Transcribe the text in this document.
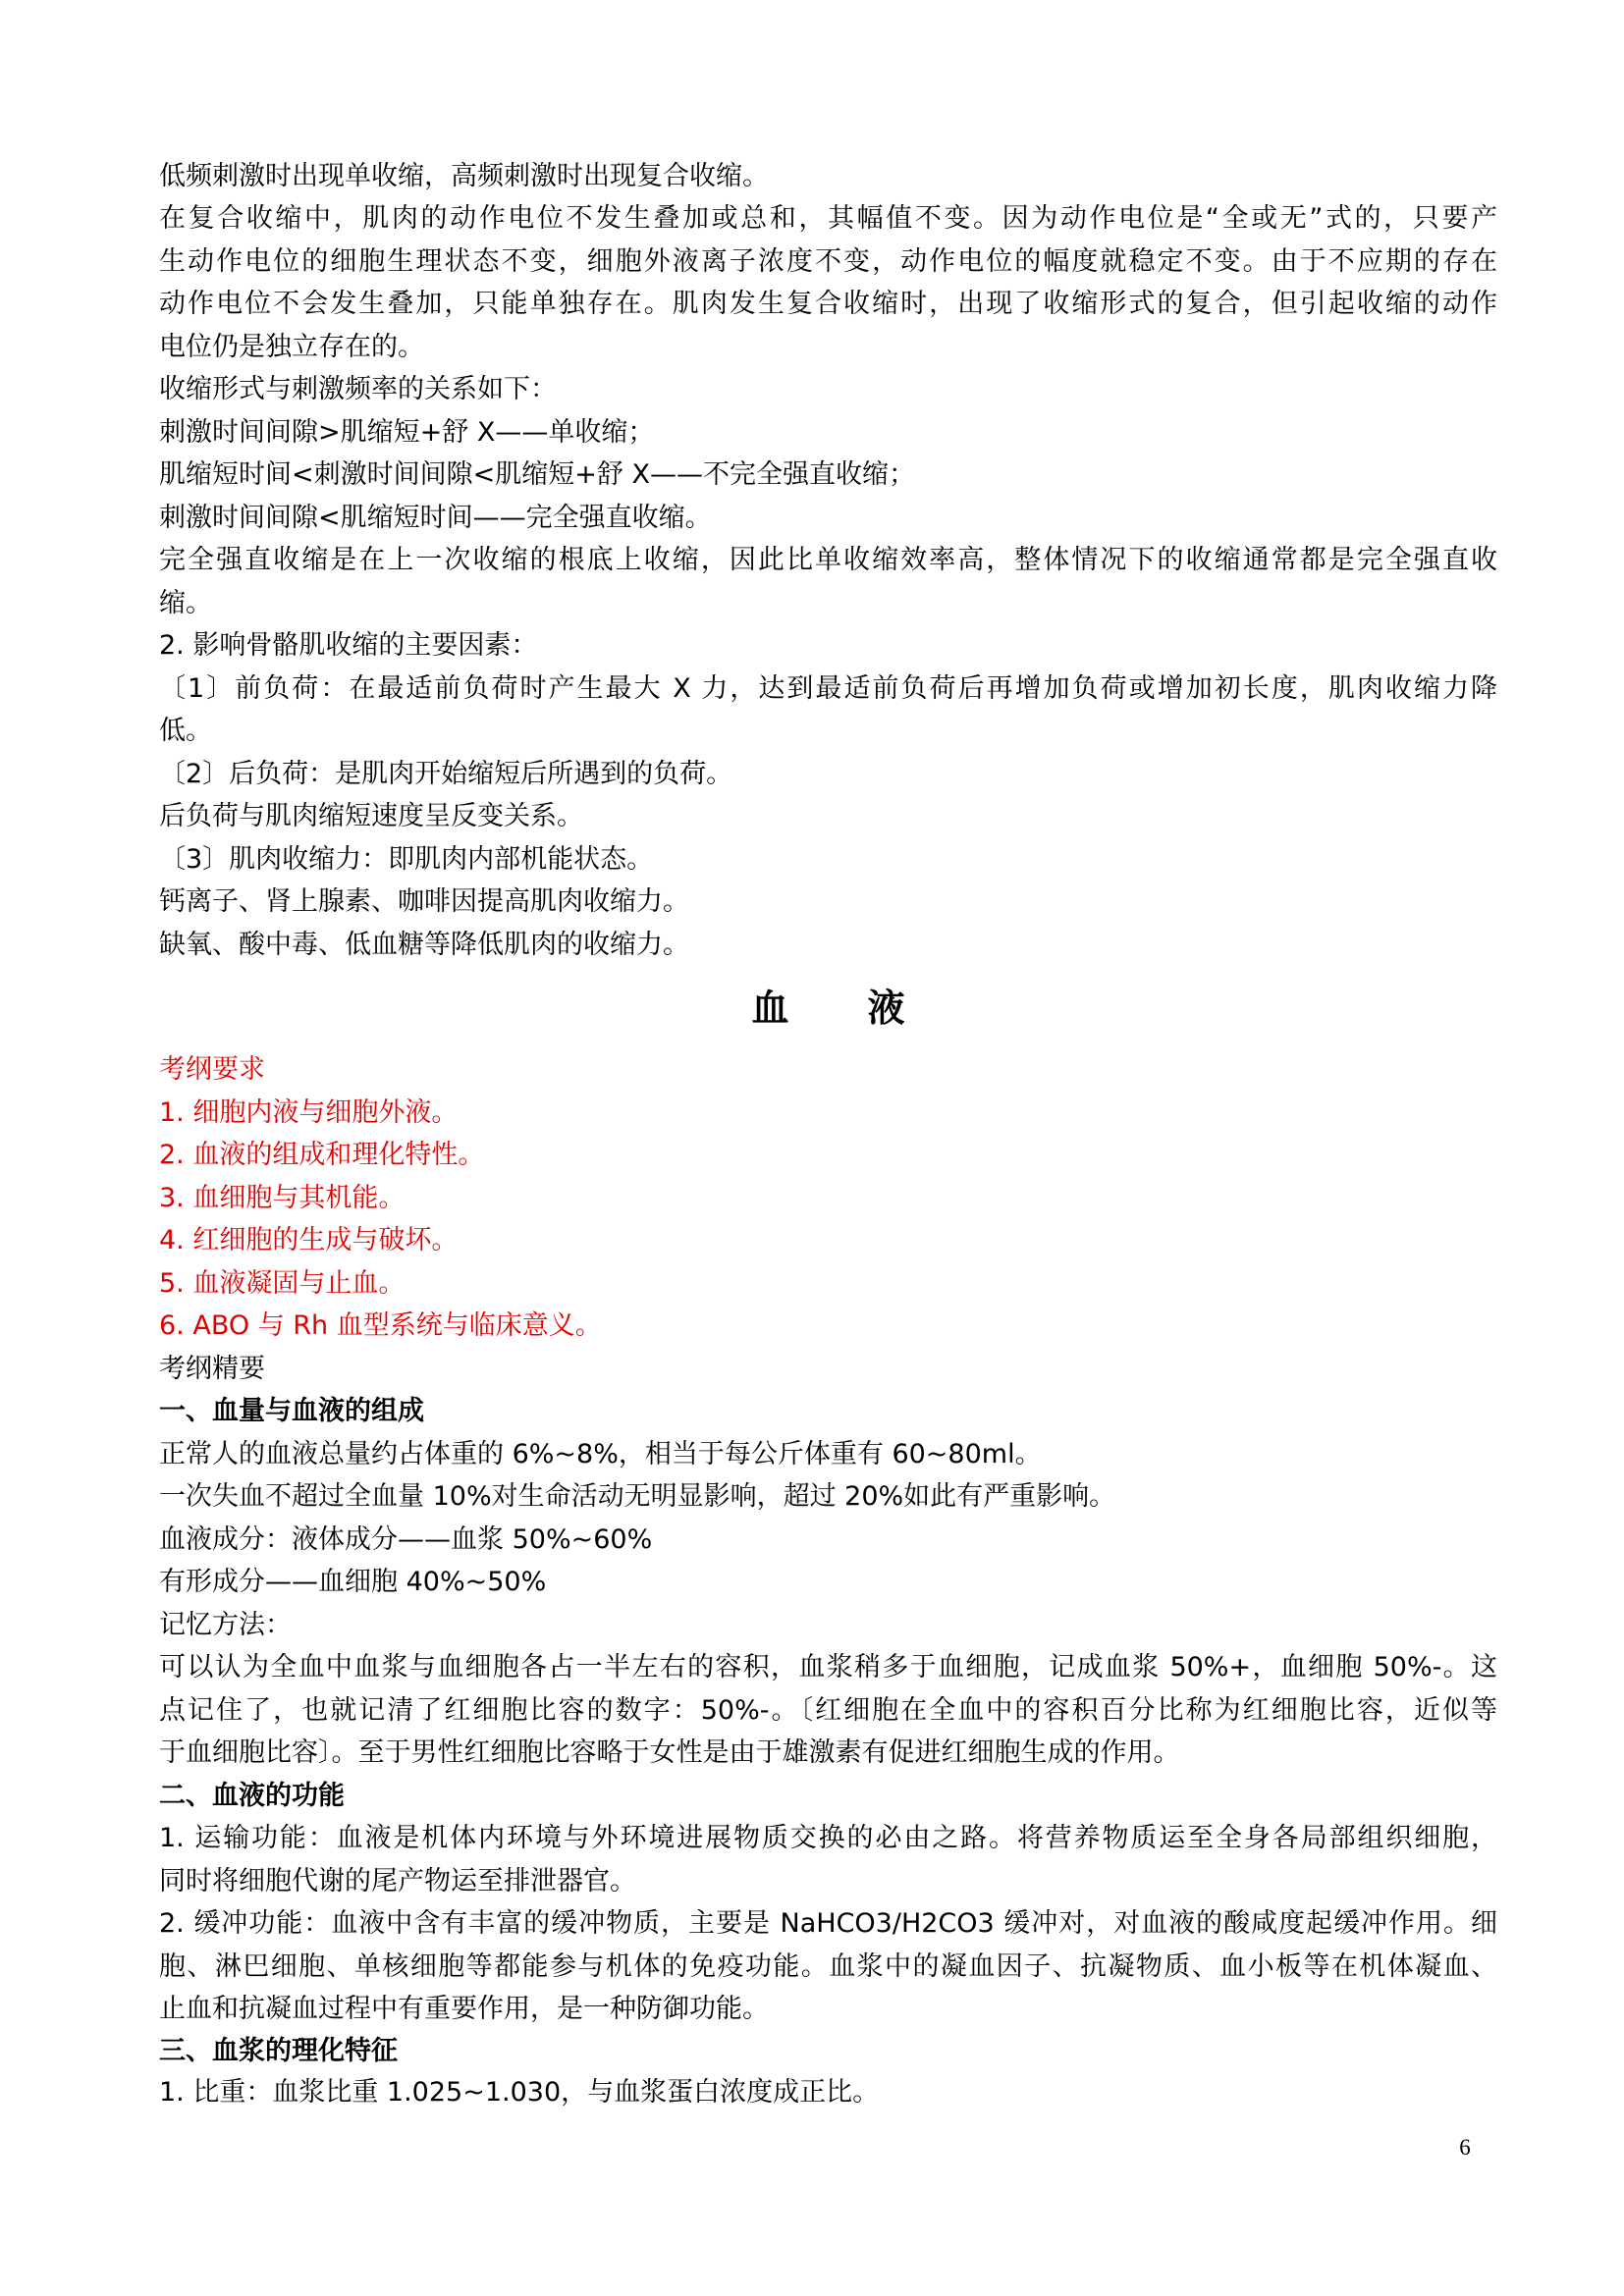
低频刺激时出现单收缩，高频刺激时出现复合收缩。
在复合收缩中，肌肉的动作电位不发生叠加或总和，其幅值不变。因为动作电位是“全或无”式的，只要产
生动作电位的细胞生理状态不变，细胞外液离子浓度不变，动作电位的幅度就稳定不变。由于不应期的存在
动作电位不会发生叠加，只能单独存在。肌肉发生复合收缩时，出现了收缩形式的复合，但引起收缩的动作
电位仍是独立存在的。
收缩形式与刺激频率的关系如下：
刺激时间间隙>肌缩短+舒 X——单收缩；
肌缩短时间<刺激时间间隙<肌缩短+舒 X——不完全强直收缩；
刺激时间间隙<肌缩短时间——完全强直收缩。
完全强直收缩是在上一次收缩的根底上收缩，因此比单收缩效率高，整体情况下的收缩通常都是完全强直收
缩。
2. 影响骨骼肌收缩的主要因素：
〔1〕前负荷：在最适前负荷时产生最大 X 力，达到最适前负荷后再增加负荷或增加初长度，肌肉收缩力降
低。
〔2〕后负荷：是肌肉开始缩短后所遇到的负荷。
后负荷与肌肉缩短速度呈反变关系。
〔3〕肌肉收缩力：即肌肉内部机能状态。
钙离子、肾上腺素、咖啡因提高肌肉收缩力。
缺氧、酸中毒、低血糖等降低肌肉的收缩力。
血 液
考纲要求
1. 细胞内液与细胞外液。
2. 血液的组成和理化特性。
3. 血细胞与其机能。
4. 红细胞的生成与破坏。
5. 血液凝固与止血。
6. ABO 与 Rh 血型系统与临床意义。
考纲精要
一、血量与血液的组成
正常人的血液总量约占体重的 6%~8%，相当于每公斤体重有 60~80ml。
一次失血不超过全血量 10%对生命活动无明显影响，超过 20%如此有严重影响。
血液成分：液体成分——血浆 50%~60%
有形成分——血细胞 40%~50%
记忆方法：
可以认为全血中血浆与血细胞各占一半左右的容积，血浆稍多于血细胞，记成血浆 50%+，血细胞 50%-。这
点记住了，也就记清了红细胞比容的数字：50%-。〔红细胞在全血中的容积百分比称为红细胞比容，近似等
于血细胞比容〕。至于男性红细胞比容略于女性是由于雄激素有促进红细胞生成的作用。
二、血液的功能
1. 运输功能：血液是机体内环境与外环境进展物质交换的必由之路。将营养物质运至全身各局部组织细胞，
同时将细胞代谢的尾产物运至排泄器官。
2. 缓冲功能：血液中含有丰富的缓冲物质，主要是 NaHCO3/H2CO3 缓冲对，对血液的酸咸度起缓冲作用。细
胞、淋巴细胞、单核细胞等都能参与机体的免疫功能。血浆中的凝血因子、抗凝物质、血小板等在机体凝血、
止血和抗凝血过程中有重要作用，是一种防御功能。
三、血浆的理化特征
1. 比重：血浆比重 1.025~1.030，与血浆蛋白浓度成正比。
6
